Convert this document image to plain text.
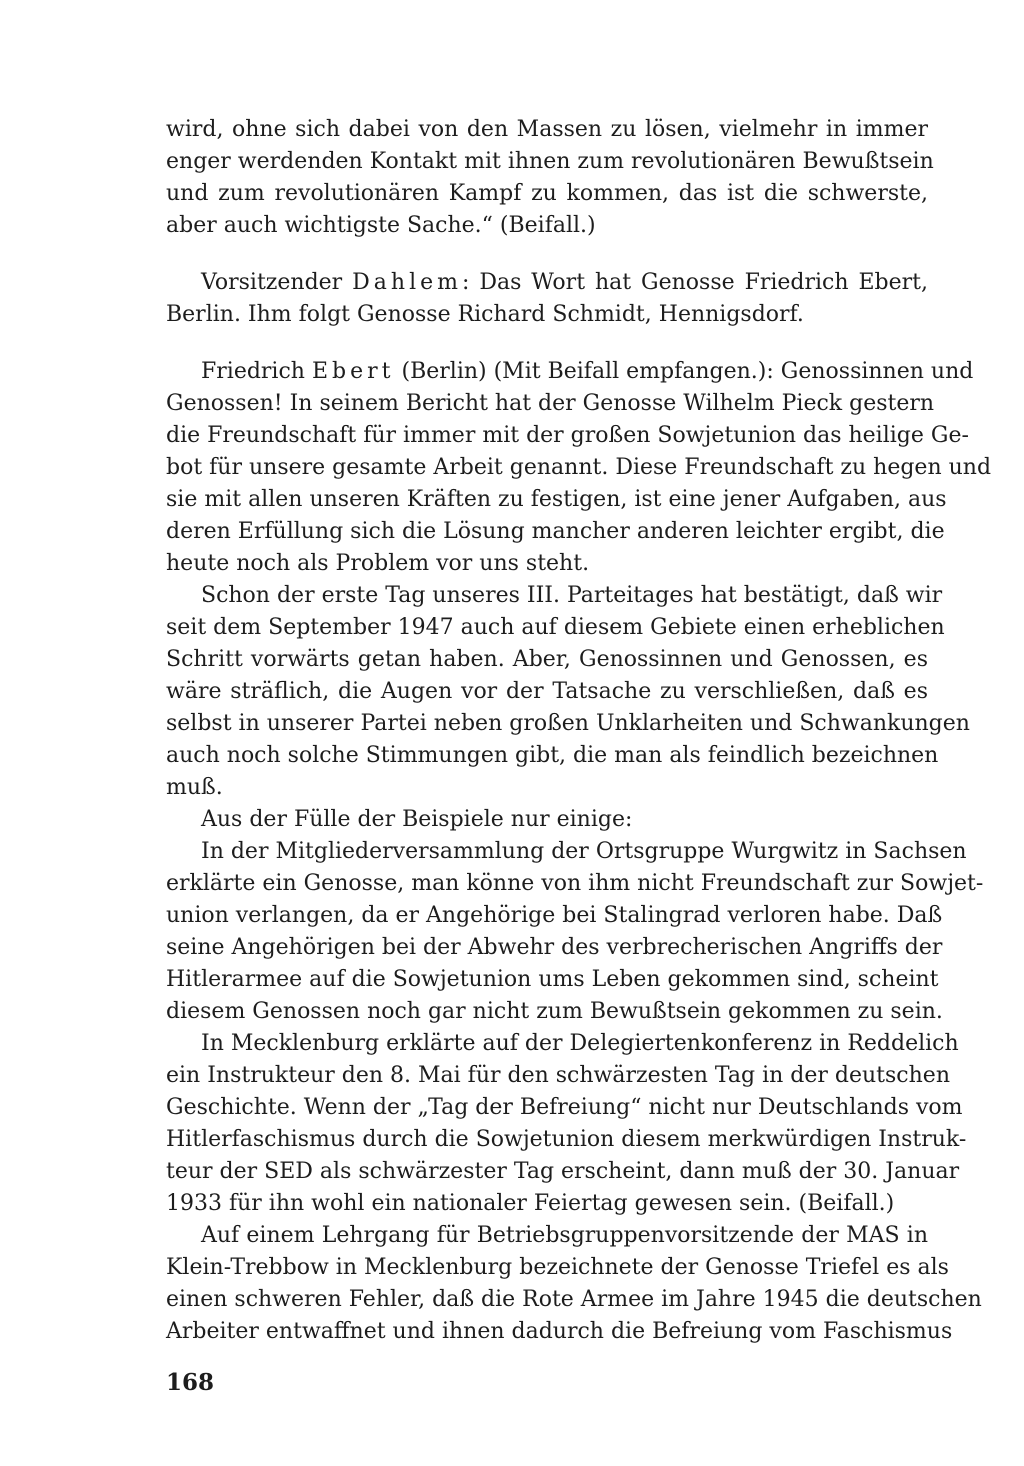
wird, ohne sich dabei von den Massen zu lösen, vielmehr in immer
enger werdenden Kontakt mit ihnen zum revolutionären Bewußtsein
und zum revolutionären Kampf zu kommen, das ist die schwerste,
aber auch wichtigste Sache.“ (Beifall.)
Vorsitzender Dahlem: Das Wort hat Genosse Friedrich Ebert,
Berlin. Ihm folgt Genosse Richard Schmidt, Hennigsdorf.
Friedrich Ebert (Berlin) (Mit Beifall empfangen.): Genossinnen und
Genossen! In seinem Bericht hat der Genosse Wilhelm Pieck gestern
die Freundschaft für immer mit der großen Sowjetunion das heilige Ge-
bot für unsere gesamte Arbeit genannt. Diese Freundschaft zu hegen und
sie mit allen unseren Kräften zu festigen, ist eine jener Aufgaben, aus
deren Erfüllung sich die Lösung mancher anderen leichter ergibt, die
heute noch als Problem vor uns steht.
Schon der erste Tag unseres III. Parteitages hat bestätigt, daß wir
seit dem September 1947 auch auf diesem Gebiete einen erheblichen
Schritt vorwärts getan haben. Aber, Genossinnen und Genossen, es
wäre sträflich, die Augen vor der Tatsache zu verschließen, daß es
selbst in unserer Partei neben großen Unklarheiten und Schwankungen
auch noch solche Stimmungen gibt, die man als feindlich bezeichnen
muß.
Aus der Fülle der Beispiele nur einige:
In der Mitgliederversammlung der Ortsgruppe Wurgwitz in Sachsen
erklärte ein Genosse, man könne von ihm nicht Freundschaft zur Sowjet-
union verlangen, da er Angehörige bei Stalingrad verloren habe. Daß
seine Angehörigen bei der Abwehr des verbrecherischen Angriffs der
Hitlerarmee auf die Sowjetunion ums Leben gekommen sind, scheint
diesem Genossen noch gar nicht zum Bewußtsein gekommen zu sein.
In Mecklenburg erklärte auf der Delegiertenkonferenz in Reddelich
ein Instrukteur den 8. Mai für den schwärzesten Tag in der deutschen
Geschichte. Wenn der „Tag der Befreiung“ nicht nur Deutschlands vom
Hitlerfaschismus durch die Sowjetunion diesem merkwürdigen Instruk-
teur der SED als schwärzester Tag erscheint, dann muß der 30. Januar
1933 für ihn wohl ein nationaler Feiertag gewesen sein. (Beifall.)
Auf einem Lehrgang für Betriebsgruppenvorsitzende der MAS in
Klein-Trebbow in Mecklenburg bezeichnete der Genosse Triefel es als
einen schweren Fehler, daß die Rote Armee im Jahre 1945 die deutschen
Arbeiter entwaffnet und ihnen dadurch die Befreiung vom Faschismus
168
